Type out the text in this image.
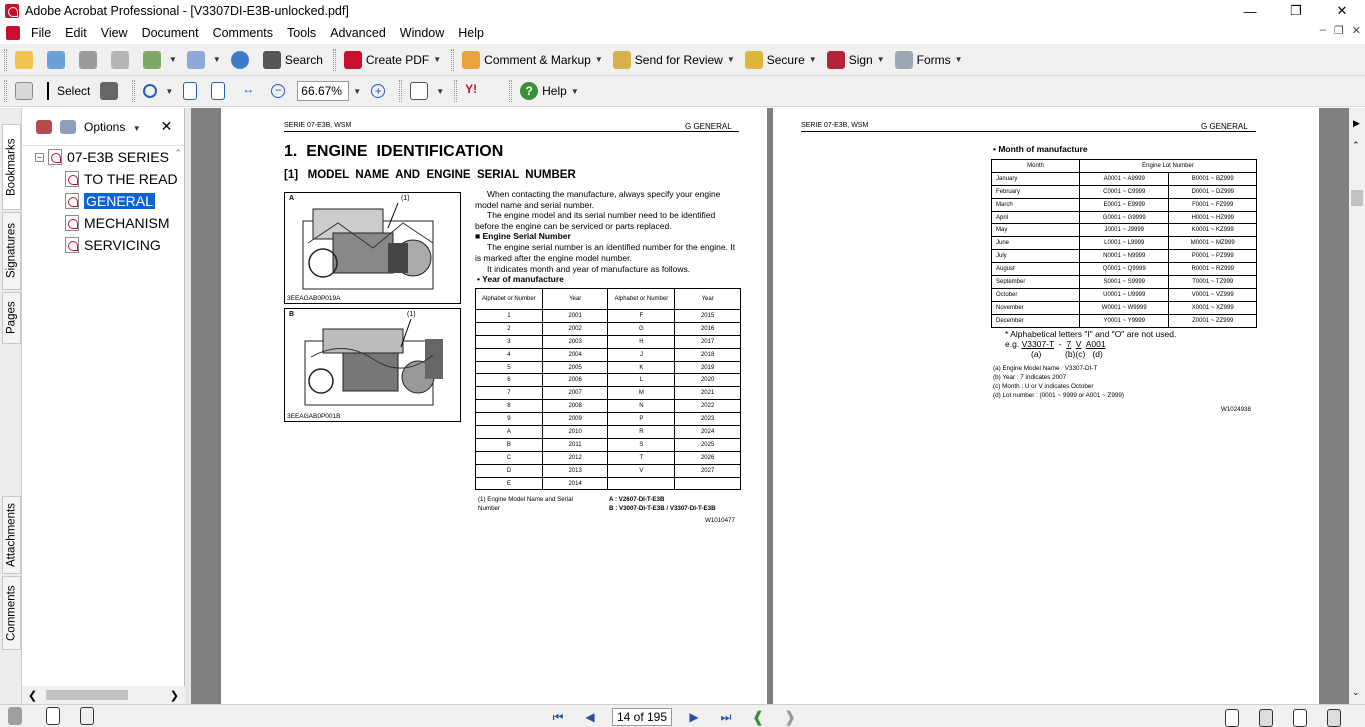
Adobe Acrobat Professional - [V3307DI-E3B-unlocked.pdf]	—	❐	✕
File	Edit	View	Document	Comments	Tools	Advanced	Window	Help	– ❐ ✕
▼	▼	Search	Create PDF ▼	Comment & Markup ▼	Send for Review ▼	Secure ▼	Sign ▼	Forms ▼
Select	▼	↔ −	66.67%	▼ +	▼ Y!	? Help ▼
Bookmarks
Signatures
Pages
Attachments
Comments
Options ▼ ✕
− 07-E3B SERIES
TO THE READ
GENERAL
MECHANISM
SERVICING
⌃
❮	❯
SERIE 07-E3B, WSM	G GENERAL
1.  ENGINE  IDENTIFICATION
[1]   MODEL  NAME  AND  ENGINE  SERIAL  NUMBER
A	(1)
3EEAGAB0P019A
B	(1)
3EEAGAB0P001B
When contacting the manufacture, always specify your engine model name and serial number.
The engine model and its serial number need to be identified before the engine can be serviced or parts replaced.
■ Engine Serial Number
The engine serial number is an identified number for the engine. It is marked after the engine model number.
It indicates month and year of manufacture as follows.
• Year of manufacture
Alphabet or Number	Year	Alphabet or Number	Year
1	2001	F	2015
2	2002	G	2016
3	2003	H	2017
4	2004	J	2018
5	2005	K	2019
6	2006	L	2020
7	2007	M	2021
8	2008	N	2022
9	2009	P	2023
A	2010	R	2024
B	2011	S	2025
C	2012	T	2026
D	2013	V	2027
E	2014		
(1) Engine Model Name and Serial Number
A : V2607-DI-T-E3B
B : V3007-DI-T-E3B / V3307-DI-T-E3B
W1010477
SERIE 07-E3B, WSM	G GENERAL
• Month of manufacture
Month	Engine Lot Number	
January	A0001 ~ A9999	B0001 ~ BZ999
February	C0001 ~ C9999	D0001 ~ DZ999
March	E0001 ~ E9999	F0001 ~ FZ999
April	G0001 ~ G9999	H0001 ~ HZ999
May	J0001 ~ J9999	K0001 ~ KZ999
June	L0001 ~ L9999	M0001 ~ MZ999
July	N0001 ~ N9999	P0001 ~ PZ999
August	Q0001 ~ Q9999	R0001 ~ RZ999
September	S0001 ~ S9999	T0001 ~ TZ999
October	U0001 ~ U9999	V0001 ~ VZ999
November	W0001 ~ W9999	X0001 ~ XZ999
December	Y0001 ~ Y9999	Z0001 ~ ZZ999
* Alphabetical letters "I" and "O" are not used.
e.g. V3307-T - 7 V A001
(a)          (b)(c)   (d)
(a) Engine Model Name : V3307-DI-T
(b) Year : 7 indicates 2007
(c) Month : U or V indicates October
(d) Lot number : (0001 ~ 9999 or A001 ~ Z999)
W1024938
▶
⌃
⌄
⏮	◀	14 of 195	▶	⏭	❰ ❱
